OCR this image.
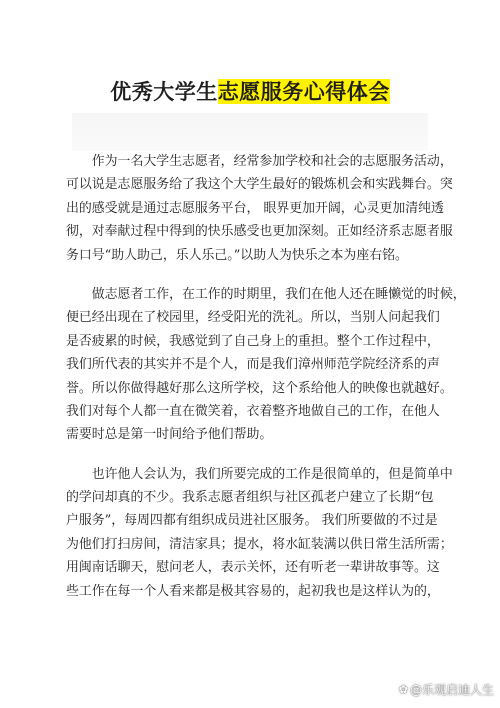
优秀大学生志愿服务心得体会

　　作为一名大学生志愿者，经常参加学校和社会的志愿服务活动，
可以说是志愿服务给了我这个大学生最好的锻炼机会和实践舞台。突
出的感受就是通过志愿服务平台， 眼界更加开阔，心灵更加清纯透
彻，对奉献过程中得到的快乐感受也更加深刻。正如经济系志愿者服
务口号“助人助己，乐人乐己。”以助人为快乐之本为座右铭。

　　做志愿者工作，在工作的时期里，我们在他人还在睡懒觉的时候，
便已经出现在了校园里，经受阳光的洗礼。所以，当别人问起我们
是否疲累的时候，我感觉到了自己身上的重担。整个工作过程中，
我们所代表的其实并不是个人，而是我们漳州师范学院经济系的声
誉。所以你做得越好那么这所学校，这个系给他人的映像也就越好。
我们对每个人都一直在微笑着，衣着整齐地做自己的工作，在他人
需要时总是第一时间给予他们帮助。

　　也许他人会认为，我们所要完成的工作是很简单的，但是简单中
的学问却真的不少。我系志愿者组织与社区孤老户建立了长期“包
户服务”，每周四都有组织成员进社区服务。 我们所要做的不过是
为他们打扫房间，清洁家具；提水，将水缸装满以供日常生活所需；
用闽南话聊天，慰问老人，表示关怀，还有听老一辈讲故事等。这
些工作在每一个人看来都是极其容易的，起初我也是这样认为的，

✿ @乐观启迪人生
